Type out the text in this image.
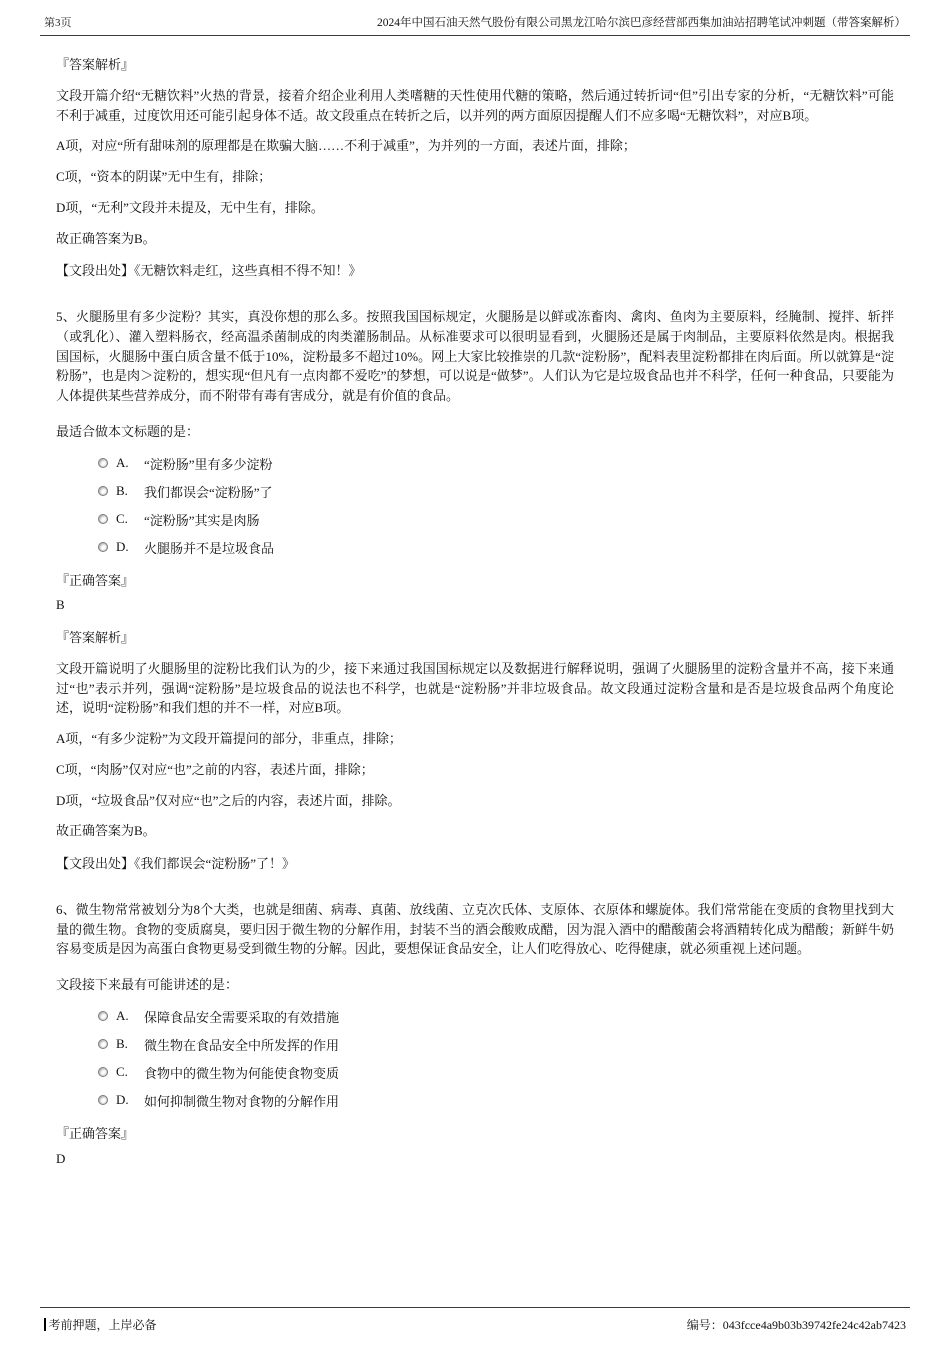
第3页	2024年中国石油天然气股份有限公司黑龙江哈尔滨巴彦经营部西集加油站招聘笔试冲刺题（带答案解析）
『答案解析』
文段开篇介绍“无糖饮料”火热的背景，接着介绍企业利用人类嗜糖的天性使用代糖的策略，然后通过转折词“但”引出专家的分析，“无糖饮料”可能不利于减重，过度饮用还可能引起身体不适。故文段重点在转折之后，以并列的两方面原因提醒人们不应多喝“无糖饮料”，对应B项。
A项，对应“所有甜味剂的原理都是在欺骗大脑……不利于减重”，为并列的一方面，表述片面，排除；
C项，“资本的阴谋”无中生有，排除；
D项，“无利”文段并未提及，无中生有，排除。
故正确答案为B。
【文段出处】《无糖饮料走红，这些真相不得不知！》
5、火腿肠里有多少淀粉？其实，真没你想的那么多。按照我国国标规定，火腿肠是以鲜或冻畜肉、禽肉、鱼肉为主要原料，经腌制、搅拌、斩拌（或乳化）、灌入塑料肠衣，经高温杀菌制成的肉类灌肠制品。从标准要求可以很明显看到，火腿肠还是属于肉制品，主要原料依然是肉。根据我国国标，火腿肠中蛋白质含量不低于10%，淀粉最多不超过10%。网上大家比较推崇的几款“淀粉肠”，配料表里淀粉都排在肉后面。所以就算是“淀粉肠”，也是肉＞淀粉的，想实现“但凡有一点肉都不爱吃”的梦想，可以说是“做梦”。人们认为它是垃圾食品也并不科学，任何一种食品，只要能为人体提供某些营养成分，而不附带有毒有害成分，就是有价值的食品。
最适合做本文标题的是：
A.	“淀粉肠”里有多少淀粉
B.	我们都误会“淀粉肠”了
C.	“淀粉肠”其实是肉肠
D.	火腿肠并不是垃圾食品
『正确答案』
B
『答案解析』
文段开篇说明了火腿肠里的淀粉比我们认为的少，接下来通过我国国标规定以及数据进行解释说明，强调了火腿肠里的淀粉含量并不高，接下来通过“也”表示并列，强调“淀粉肠”是垃圾食品的说法也不科学，也就是“淀粉肠”并非垃圾食品。故文段通过淀粉含量和是否是垃圾食品两个角度论述，说明“淀粉肠”和我们想的并不一样，对应B项。
A项，“有多少淀粉”为文段开篇提问的部分，非重点，排除；
C项，“肉肠”仅对应“也”之前的内容，表述片面，排除；
D项，“垃圾食品”仅对应“也”之后的内容，表述片面，排除。
故正确答案为B。
【文段出处】《我们都误会“淀粉肠”了！》
6、微生物常常被划分为8个大类，也就是细菌、病毒、真菌、放线菌、立克次氏体、支原体、衣原体和螺旋体。我们常常能在变质的食物里找到大量的微生物。食物的变质腐臭，要归因于微生物的分解作用，封装不当的酒会酸败成醋，因为混入酒中的醋酸菌会将酒精转化成为醋酸；新鲜牛奶容易变质是因为高蛋白食物更易受到微生物的分解。因此，要想保证食品安全，让人们吃得放心、吃得健康，就必须重视上述问题。
文段接下来最有可能讲述的是：
A.	保障食品安全需要采取的有效措施
B.	微生物在食品安全中所发挥的作用
C.	食物中的微生物为何能使食物变质
D.	如何抑制微生物对食物的分解作用
『正确答案』
D
考前押题，上岸必备	编号：043fcce4a9b03b39742fe24c42ab7423
